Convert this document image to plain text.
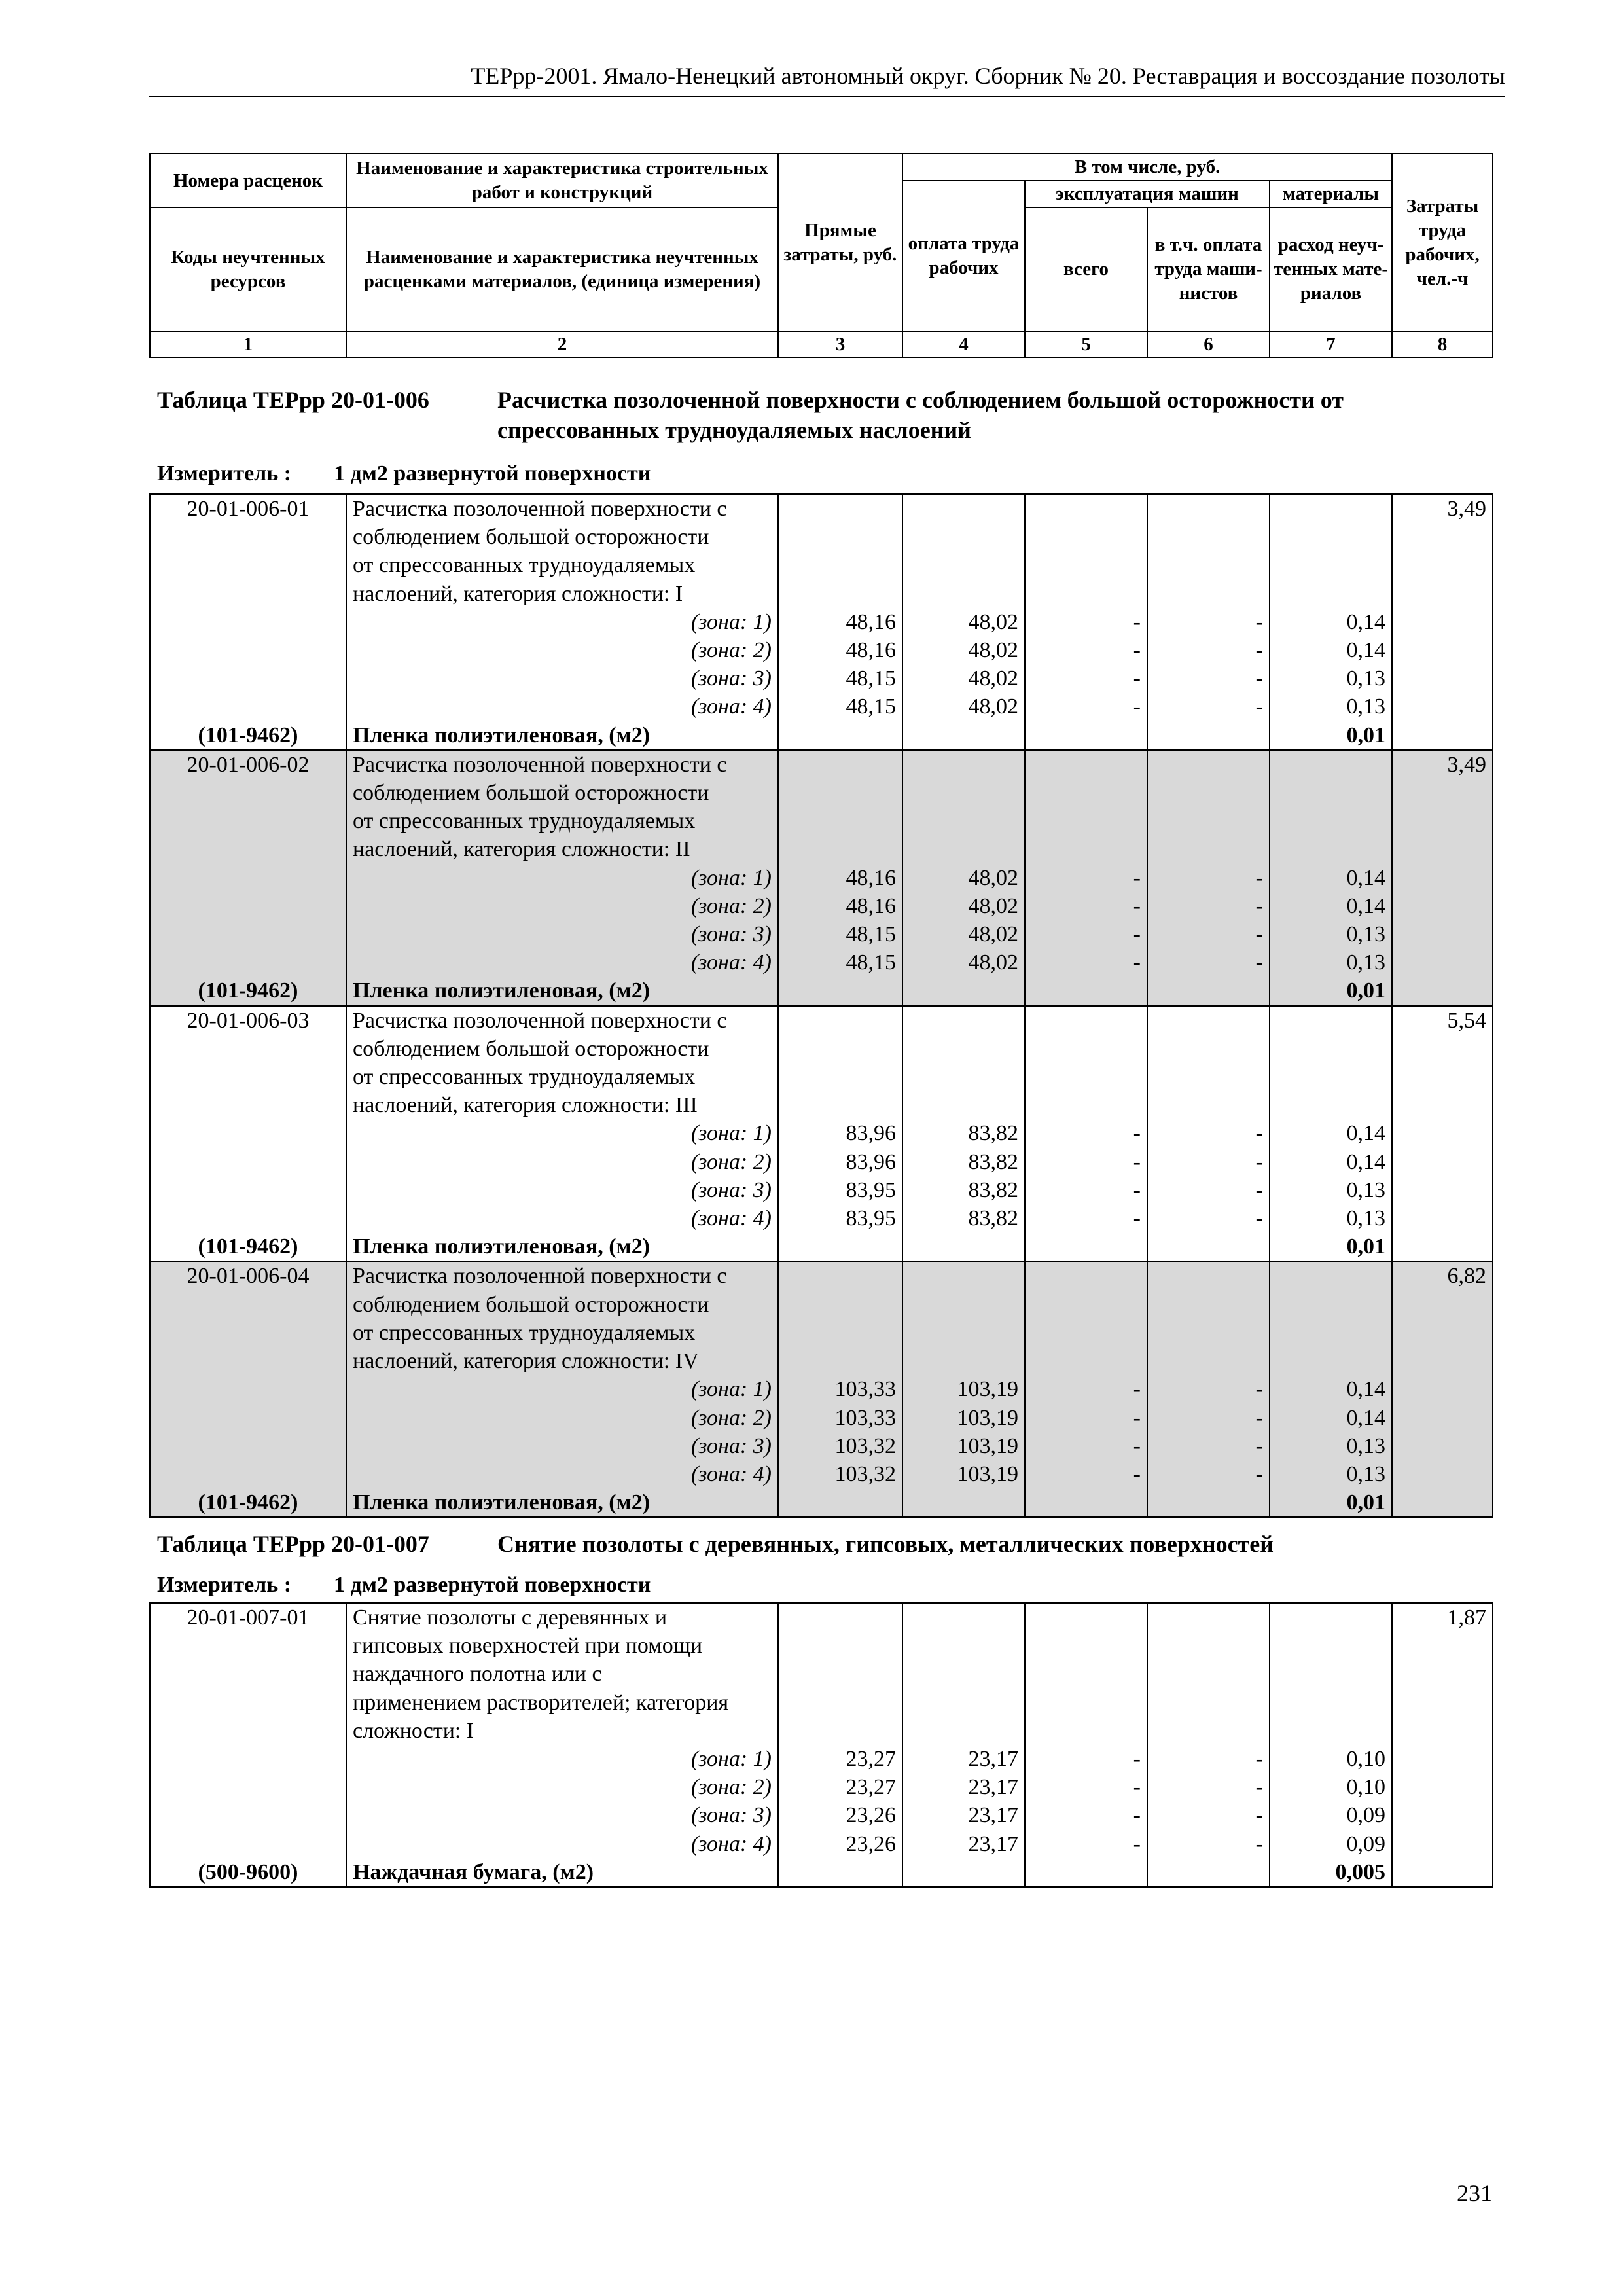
ТЕРрр-2001. Ямало-Ненецкий автономный округ. Сборник № 20. Реставрация и воссоздание позолоты
Номера расценок	Наименование и характеристика строительных работ и конструкций	Прямые затраты, руб.	В том числе, руб.				Затраты труда рабочих, чел.-ч
			оплата труда рабочих	эксплуатация машин		материалы	
Коды неучтенных ресурсов	Наименование и характеристика неучтенных расценками материалов, (единица измерения)			всего	в т.ч. оплата труда маши-нистов	расход неуч-тенных мате-риалов	

1	2	3	4	5	6	7	8
Таблица ТЕРрр 20-01-006	Расчистка позолоченной поверхности с соблюдением большой осторожности от спрессованных трудноудаляемых наслоений
Измеритель : 1 дм2 развернутой поверхности
20-01-006-01	Расчистка позолоченной поверхности с						3,49
	соблюдением большой осторожности						
	от спрессованных трудноудаляемых						
	наслоений, категория сложности: I						
	(зона: 1)	48,16	48,02	-	-	0,14	
	(зона: 2)	48,16	48,02	-	-	0,14	
	(зона: 3)	48,15	48,02	-	-	0,13	
	(зона: 4)	48,15	48,02	-	-	0,13	
(101-9462)	Пленка полиэтиленовая, (м2)					0,01	
20-01-006-02	Расчистка позолоченной поверхности с						3,49
	соблюдением большой осторожности						
	от спрессованных трудноудаляемых						
	наслоений, категория сложности: II						
	(зона: 1)	48,16	48,02	-	-	0,14	
	(зона: 2)	48,16	48,02	-	-	0,14	
	(зона: 3)	48,15	48,02	-	-	0,13	
	(зона: 4)	48,15	48,02	-	-	0,13	
(101-9462)	Пленка полиэтиленовая, (м2)					0,01	
20-01-006-03	Расчистка позолоченной поверхности с						5,54
	соблюдением большой осторожности						
	от спрессованных трудноудаляемых						
	наслоений, категория сложности: III						
	(зона: 1)	83,96	83,82	-	-	0,14	
	(зона: 2)	83,96	83,82	-	-	0,14	
	(зона: 3)	83,95	83,82	-	-	0,13	
	(зона: 4)	83,95	83,82	-	-	0,13	
(101-9462)	Пленка полиэтиленовая, (м2)					0,01	
20-01-006-04	Расчистка позолоченной поверхности с						6,82
	соблюдением большой осторожности						
	от спрессованных трудноудаляемых						
	наслоений, категория сложности: IV						
	(зона: 1)	103,33	103,19	-	-	0,14	
	(зона: 2)	103,33	103,19	-	-	0,14	
	(зона: 3)	103,32	103,19	-	-	0,13	
	(зона: 4)	103,32	103,19	-	-	0,13	
(101-9462)	Пленка полиэтиленовая, (м2)					0,01	
Таблица ТЕРрр 20-01-007	Снятие позолоты с деревянных, гипсовых, металлических поверхностей
Измеритель : 1 дм2 развернутой поверхности
20-01-007-01	Снятие позолоты с деревянных и						1,87
	гипсовых поверхностей при помощи						
	наждачного полотна или с						
	применением растворителей; категория						
	сложности: I						
	(зона: 1)	23,27	23,17	-	-	0,10	
	(зона: 2)	23,27	23,17	-	-	0,10	
	(зона: 3)	23,26	23,17	-	-	0,09	
	(зона: 4)	23,26	23,17	-	-	0,09	
(500-9600)	Наждачная бумага, (м2)					0,005	
231
